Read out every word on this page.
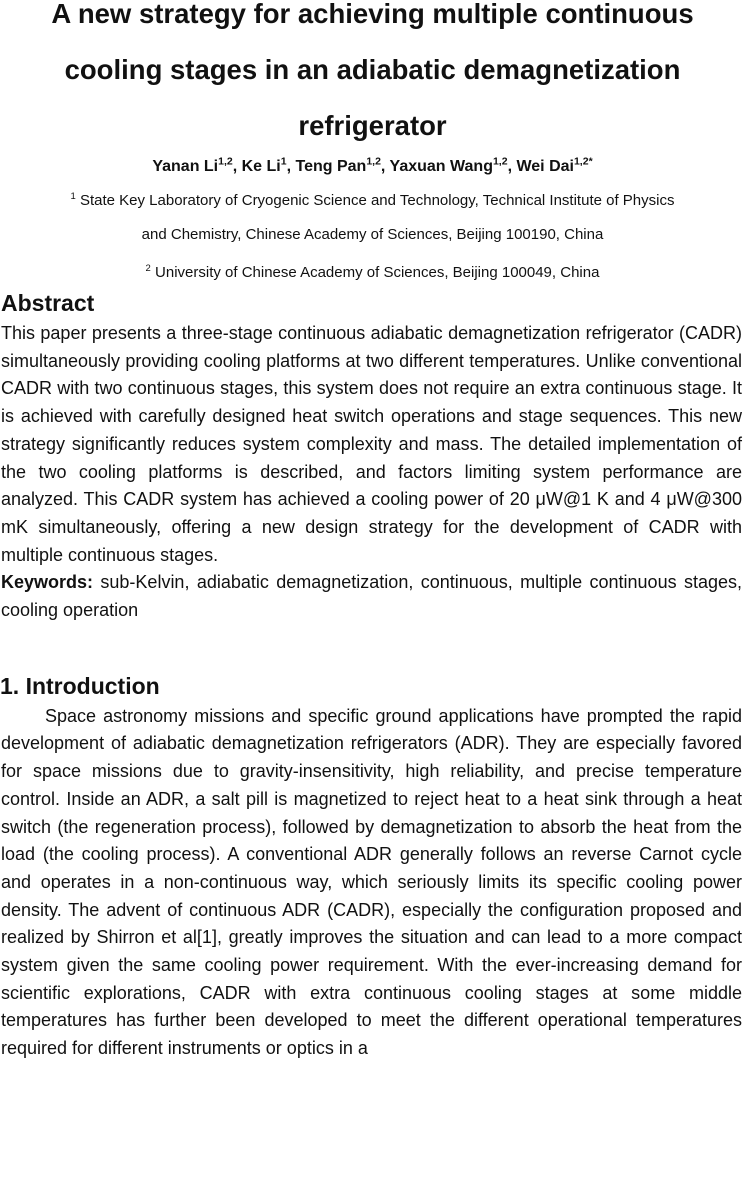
A new strategy for achieving multiple continuous
cooling stages in an adiabatic demagnetization
refrigerator
Yanan Li$^{1,2}$, Ke Li$^1$, Teng Pan$^{1,2}$, Yaxuan Wang$^{1,2}$, Wei Dai$^{1,2*}$
$^1$ State Key Laboratory of Cryogenic Science and Technology, Technical Institute of Physics
and Chemistry, Chinese Academy of Sciences, Beijing 100190, China
$^2$ University of Chinese Academy of Sciences, Beijing 100049, China
Abstract

This paper presents a three-stage continuous adiabatic demagnetization refrigerator (CADR) simultaneously providing cooling platforms at two different temperatures. Unlike conventional CADR with two continuous stages, this system does not require an extra continuous stage. It is achieved with carefully designed heat switch operations and stage sequences. This new strategy significantly reduces system complexity and mass. The detailed implementation of the two cooling platforms is described, and factors limiting system performance are analyzed. This CADR system has achieved a cooling power of 20 μW@1 K and 4 μW@300 mK simultaneously, offering a new design strategy for the development of CADR with multiple continuous stages.

Keywords: sub-Kelvin, adiabatic demagnetization, continuous, multiple continuous stages, cooling operation

1. Introduction

Space astronomy missions and specific ground applications have prompted the rapid development of adiabatic demagnetization refrigerators (ADR). They are especially favored for space missions due to gravity-insensitivity, high reliability, and precise temperature control. Inside an ADR, a salt pill is magnetized to reject heat to a heat sink through a heat switch (the regeneration process), followed by demagnetization to absorb the heat from the load (the cooling process). A conventional ADR generally follows an reverse Carnot cycle and operates in a non-continuous way, which seriously limits its specific cooling power density. The advent of continuous ADR (CADR), especially the configuration proposed and realized by Shirron et al[1], greatly improves the situation and can lead to a more compact system given the same cooling power requirement. With the ever-increasing demand for scientific explorations, CADR with extra continuous cooling stages at some middle temperatures has further been developed to meet the different operational temperatures required for different instruments or optics in a
